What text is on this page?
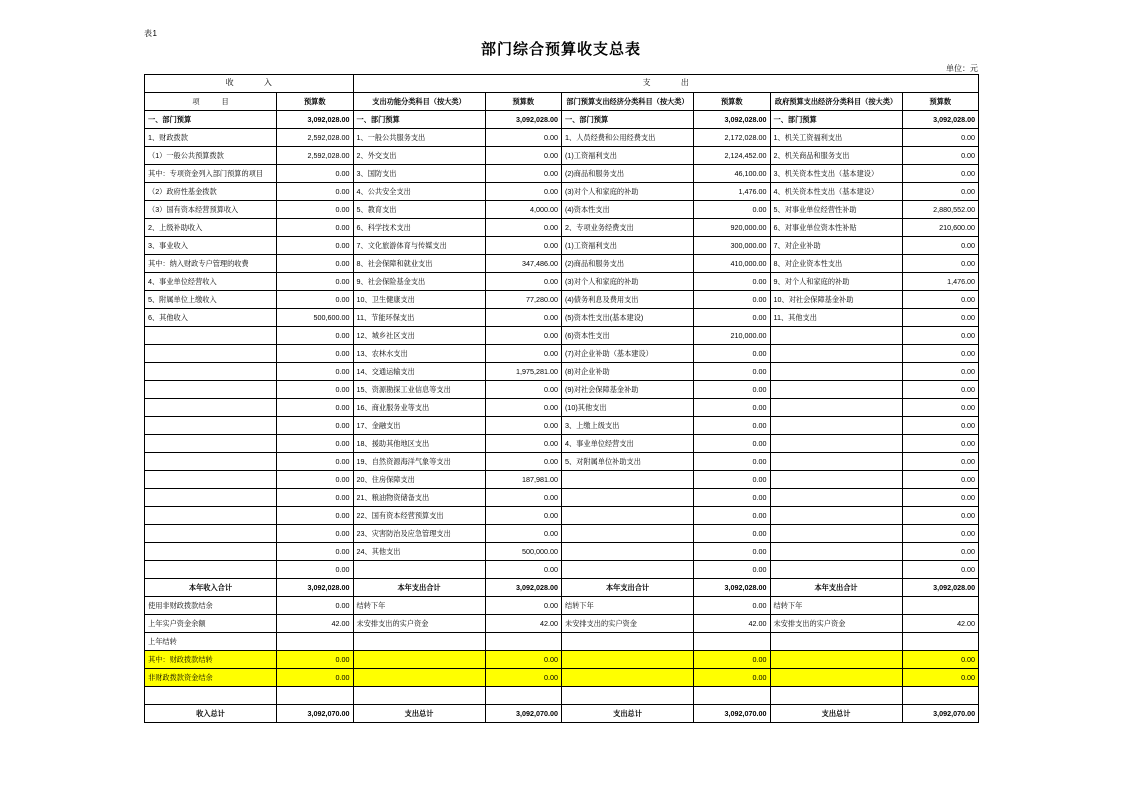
表1
部门综合预算收支总表
单位：元
收 入		支 出					
项 目	预算数	支出功能分类科目（按大类）	预算数	部门预算支出经济分类科目（按大类）	预算数	政府预算支出经济分类科目（按大类）	预算数
一、部门预算	3,092,028.00	一、部门预算	3,092,028.00	一、部门预算	3,092,028.00	一、部门预算	3,092,028.00
1、财政拨款	2,592,028.00	1、一般公共服务支出	0.00	1、人员经费和公用经费支出	2,172,028.00	1、机关工资福利支出	0.00
（1）一般公共预算拨款	2,592,028.00	2、外交支出	0.00	(1)工资福利支出	2,124,452.00	2、机关商品和服务支出	0.00
其中：专项资金列入部门预算的项目	0.00	3、国防支出	0.00	(2)商品和服务支出	46,100.00	3、机关资本性支出（基本建设）	0.00
（2）政府性基金拨款	0.00	4、公共安全支出	0.00	(3)对个人和家庭的补助	1,476.00	4、机关资本性支出（基本建设）	0.00
（3）国有资本经营预算收入	0.00	5、教育支出	4,000.00	(4)资本性支出	0.00	5、对事业单位经营性补助	2,880,552.00
2、上级补助收入	0.00	6、科学技术支出	0.00	2、专项业务经费支出	920,000.00	6、对事业单位资本性补贴	210,600.00
3、事业收入	0.00	7、文化旅游体育与传媒支出	0.00	(1)工资福利支出	300,000.00	7、对企业补助	0.00
其中：纳入财政专户管理的收费	0.00	8、社会保障和就业支出	347,486.00	(2)商品和服务支出	410,000.00	8、对企业资本性支出	0.00
4、事业单位经营收入	0.00	9、社会保险基金支出	0.00	(3)对个人和家庭的补助	0.00	9、对个人和家庭的补助	1,476.00
5、附属单位上缴收入	0.00	10、卫生健康支出	77,280.00	(4)债务利息及费用支出	0.00	10、对社会保障基金补助	0.00
6、其他收入	500,600.00	11、节能环保支出	0.00	(5)资本性支出(基本建设)	0.00	11、其他支出	0.00
	0.00	12、城乡社区支出	0.00	(6)资本性支出	210,000.00		0.00
	0.00	13、农林水支出	0.00	(7)对企业补助（基本建设）	0.00		0.00
	0.00	14、交通运输支出	1,975,281.00	(8)对企业补助	0.00		0.00
	0.00	15、资源勘探工业信息等支出	0.00	(9)对社会保障基金补助	0.00		0.00
	0.00	16、商业服务业等支出	0.00	(10)其他支出	0.00		0.00
	0.00	17、金融支出	0.00	3、上缴上级支出	0.00		0.00
	0.00	18、援助其他地区支出	0.00	4、事业单位经营支出	0.00		0.00
	0.00	19、自然资源海洋气象等支出	0.00	5、对附属单位补助支出	0.00		0.00
	0.00	20、住房保障支出	187,981.00		0.00		0.00
	0.00	21、粮油物资储备支出	0.00		0.00		0.00
	0.00	22、国有资本经营预算支出	0.00		0.00		0.00
	0.00	23、灾害防治及应急管理支出	0.00		0.00		0.00
	0.00	24、其他支出	500,000.00		0.00		0.00
	0.00		0.00		0.00		0.00
本年收入合计	3,092,028.00	本年支出合计	3,092,028.00	本年支出合计	3,092,028.00	本年支出合计	3,092,028.00
使用非财政拨款结余	0.00	结转下年	0.00	结转下年	0.00	结转下年	
上年实户资金余额	42.00	未安排支出的实户资金	42.00	未安排支出的实户资金	42.00	未安排支出的实户资金	42.00
上年结转							
其中：财政拨款结转	0.00		0.00		0.00		0.00
非财政拨款资金结余	0.00		0.00		0.00		0.00

收入总计	3,092,070.00	支出总计	3,092,070.00	支出总计	3,092,070.00	支出总计	3,092,070.00
